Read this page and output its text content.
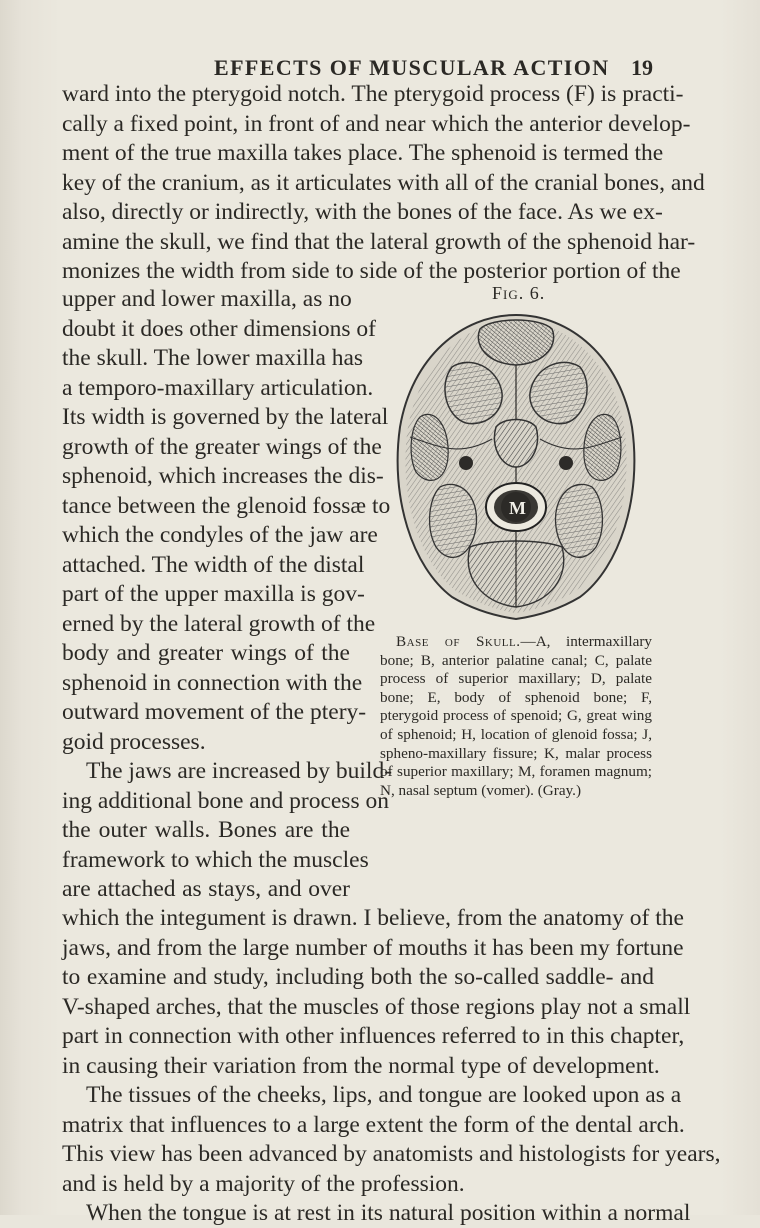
EFFECTS OF MUSCULAR ACTION 19
ward into the pterygoid notch. The pterygoid process (F) is practi-
cally a fixed point, in front of and near which the anterior develop-
ment of the true maxilla takes place. The sphenoid is termed the
key of the cranium, as it articulates with all of the cranial bones, and
also, directly or indirectly, with the bones of the face. As we ex-
amine the skull, we find that the lateral growth of the sphenoid har-
monizes the width from side to side of the posterior portion of the
upper and lower maxilla, as no
doubt it does other dimensions of
the skull. The lower maxilla has
a temporo-maxillary articulation.
Its width is governed by the lateral
growth of the greater wings of the
sphenoid, which increases the dis-
tance between the glenoid fossæ to
which the condyles of the jaw are
attached. The width of the distal
part of the upper maxilla is gov-
erned by the lateral growth of the
body and greater wings of the
sphenoid in connection with the
outward movement of the ptery-
goid processes.
The jaws are increased by build-
ing additional bone and process on
the outer walls. Bones are the
framework to which the muscles
are attached as stays, and over
which the integument is drawn. I believe, from the anatomy of the
jaws, and from the large number of mouths it has been my fortune
to examine and study, including both the so-called saddle- and
V-shaped arches, that the muscles of those regions play not a small
part in connection with other influences referred to in this chapter,
in causing their variation from the normal type of development.
The tissues of the cheeks, lips, and tongue are looked upon as a
matrix that influences to a large extent the form of the dental arch.
This view has been advanced by anatomists and histologists for years,
and is held by a majority of the profession.
When the tongue is at rest in its natural position within a normal
Fig. 6.
M
Base of Skull.—A, intermaxillary bone; B, anterior palatine canal; C, palate process of superior maxillary; D, palate bone; E, body of sphenoid bone; F, pterygoid process of spenoid; G, great wing of sphenoid; H, location of glenoid fossa; J, spheno-maxillary fissure; K, malar process of superior maxillary; M, foramen magnum; N, nasal septum (vomer). (Gray.)
